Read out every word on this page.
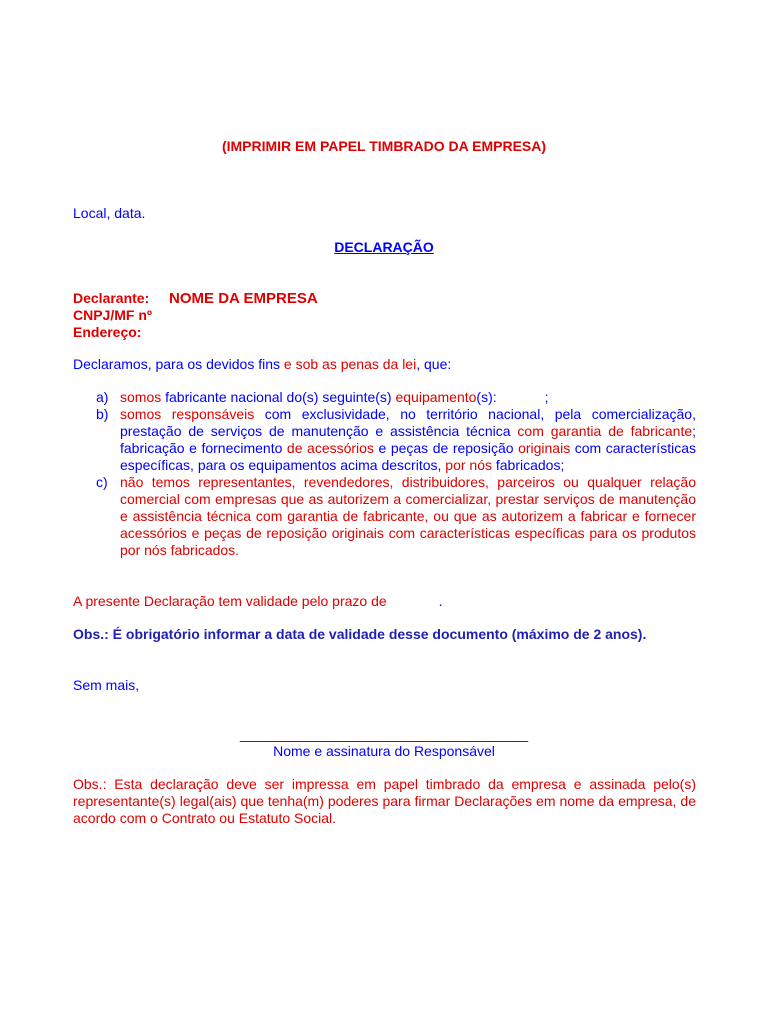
(IMPRIMIR EM PAPEL TIMBRADO DA EMPRESA)
Local, data.
DECLARAÇÃO
Declarante: NOME DA EMPRESA
CNPJ/MF nº
Endereço:
Declaramos, para os devidos fins e sob as penas da lei, que:
a) somos fabricante nacional do(s) seguinte(s) equipamento(s):	;
b) somos responsáveis com exclusividade, no território nacional, pela comercialização, prestação de serviços de manutenção e assistência técnica com garantia de fabricante; fabricação e fornecimento de acessórios e peças de reposição originais com características específicas, para os equipamentos acima descritos, por nós fabricados;
c) não temos representantes, revendedores, distribuidores, parceiros ou qualquer relação comercial com empresas que as autorizem a comercializar, prestar serviços de manutenção e assistência técnica com garantia de fabricante, ou que as autorizem a fabricar e fornecer acessórios e peças de reposição originais com características específicas para os produtos por nós fabricados.
A presente Declaração tem validade pelo prazo de	.
Obs.: É obrigatório informar a data de validade desse documento (máximo de 2 anos).
Sem mais,
_____________________________________
Nome e assinatura do Responsável
Obs.: Esta declaração deve ser impressa em papel timbrado da empresa e assinada pelo(s) representante(s) legal(ais) que tenha(m) poderes para firmar Declarações em nome da empresa, de acordo com o Contrato ou Estatuto Social.
